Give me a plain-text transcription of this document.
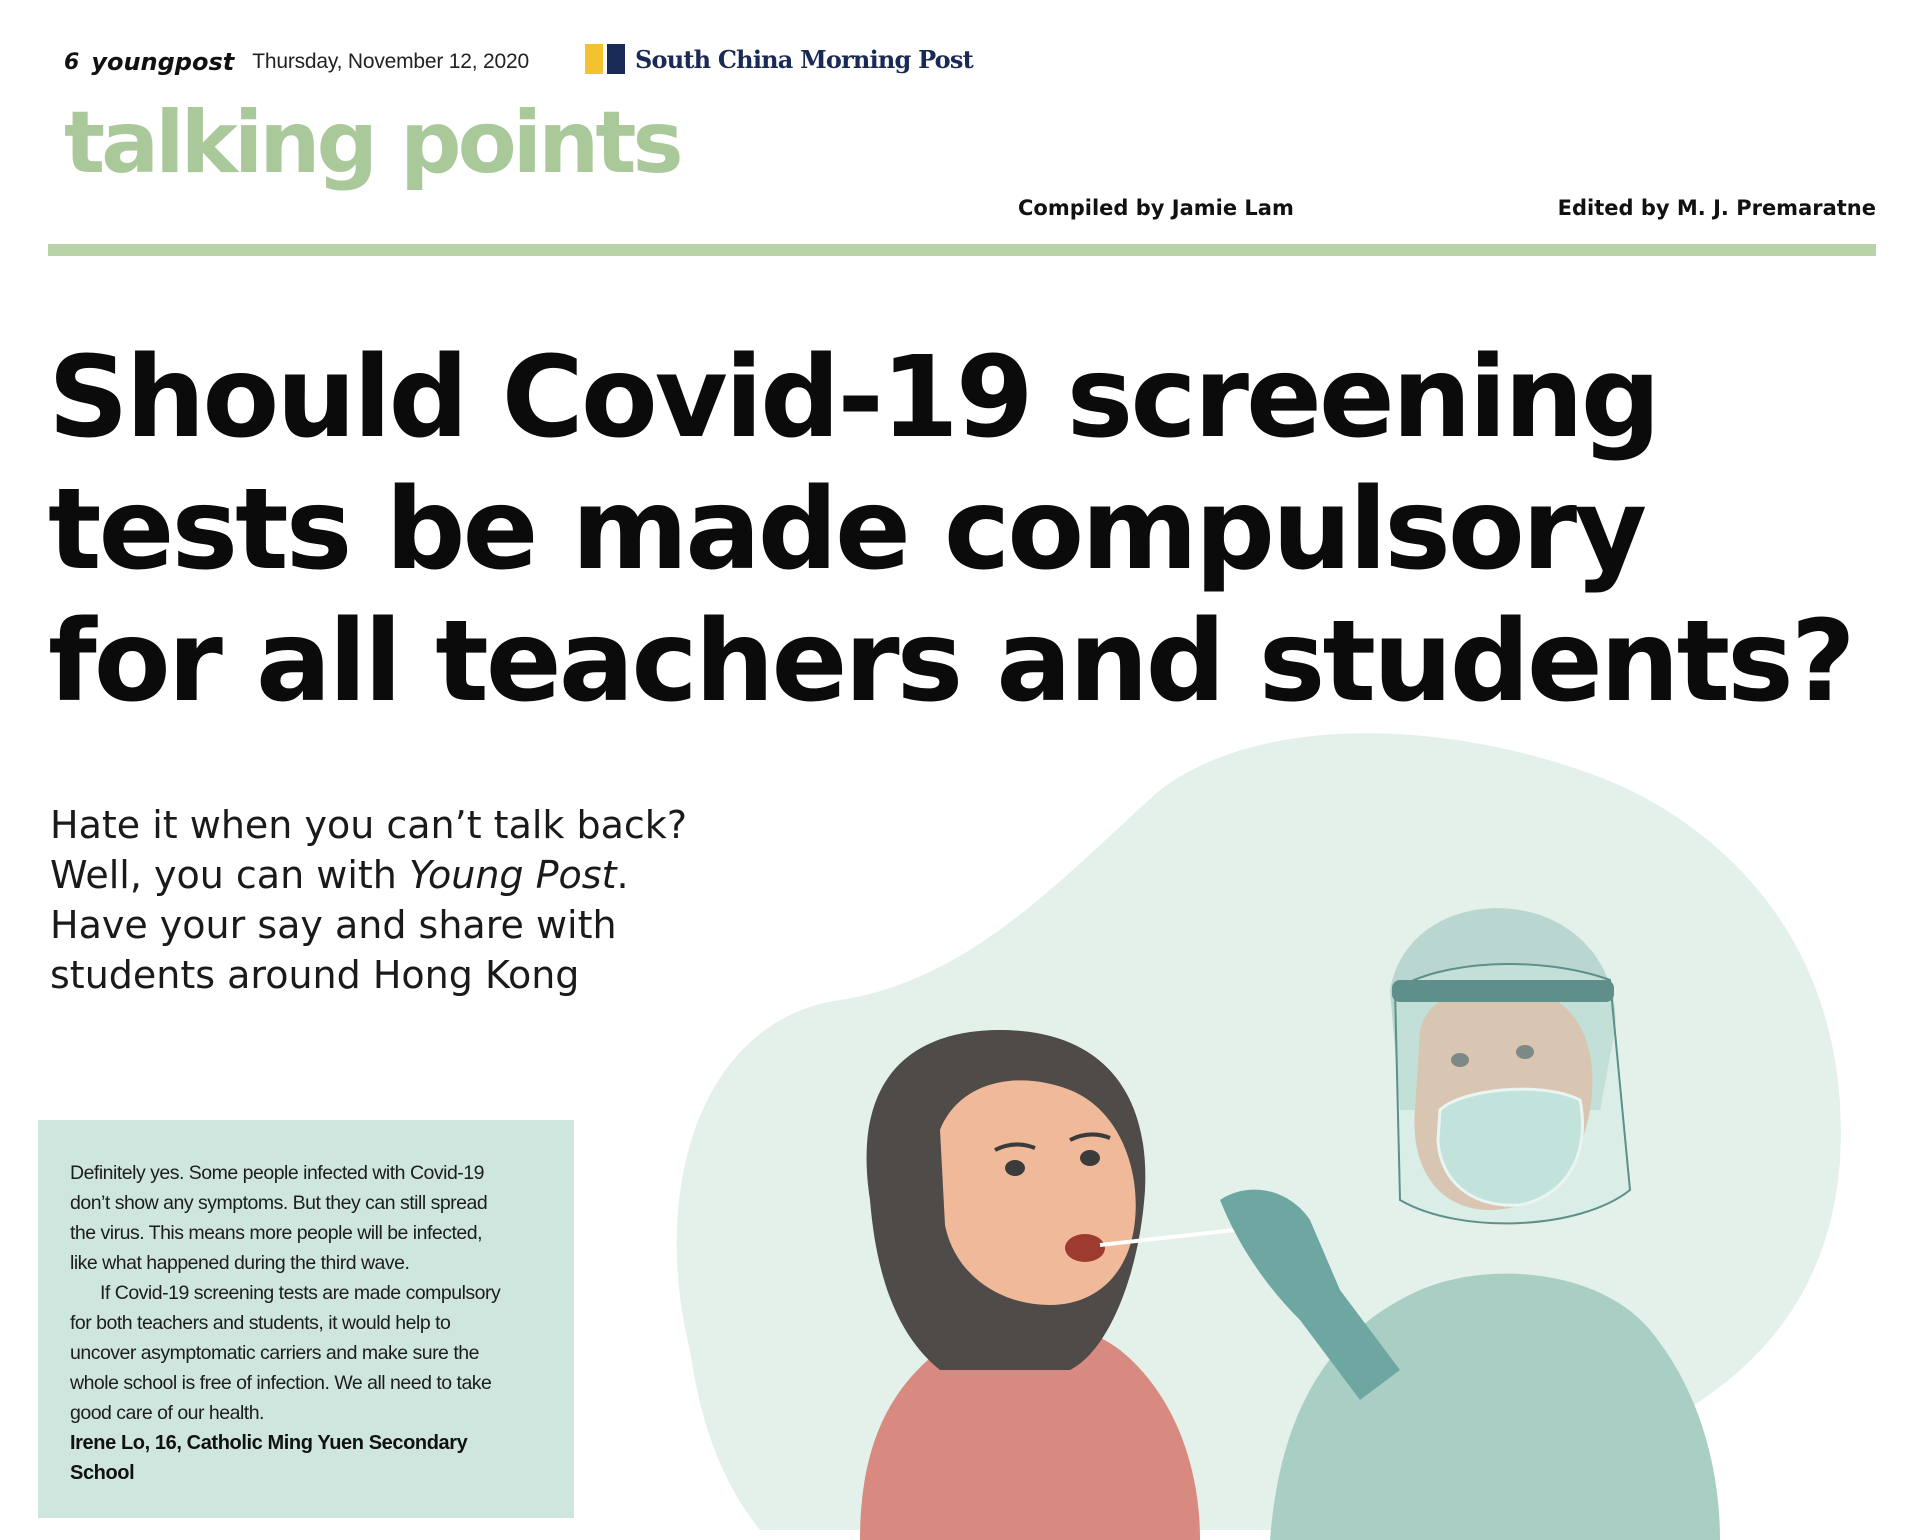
6 youngpost Thursday, November 12, 2020	South China Morning Post
talking points
Compiled by Jamie Lam	Edited by M. J. Premaratne
Should Covid-19 screening
tests be made compulsory
for all teachers and students?
Hate it when you can’t talk back?
Well, you can with Young Post.
Have your say and share with
students around Hong Kong

Definitely yes. Some people infected with Covid-19
don’t show any symptoms. But they can still spread
the virus. This means more people will be infected,
like what happened during the third wave.
If Covid-19 screening tests are made compulsory
for both teachers and students, it would help to
uncover asymptomatic carriers and make sure the
whole school is free of infection. We all need to take
good care of our health.

Irene Lo, 16, Catholic Ming Yuen Secondary
School
